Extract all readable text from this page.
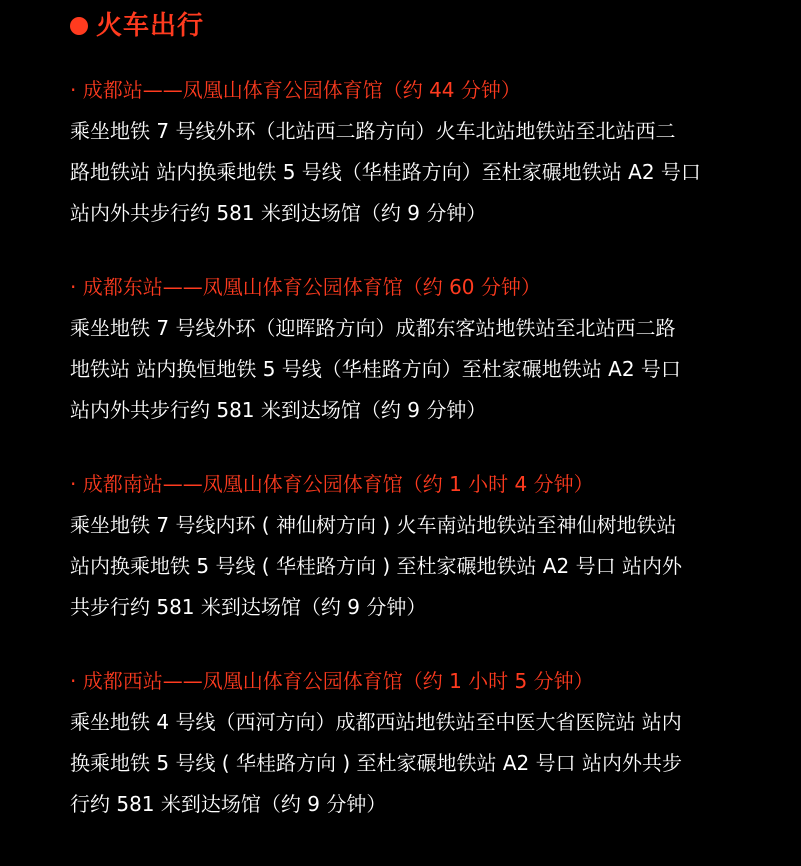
火车出行
· 成都站——凤凰山体育公园体育馆（约 44 分钟）
乘坐地铁 7 号线外环（北站西二路方向）火车北站地铁站至北站西二
路地铁站 站内换乘地铁 5 号线（华桂路方向）至杜家碾地铁站 A2 号口
站内外共步行约 581 米到达场馆（约 9 分钟）
· 成都东站——凤凰山体育公园体育馆（约 60 分钟）
乘坐地铁 7 号线外环（迎晖路方向）成都东客站地铁站至北站西二路
地铁站 站内换恒地铁 5 号线（华桂路方向）至杜家碾地铁站 A2 号口
站内外共步行约 581 米到达场馆（约 9 分钟）
· 成都南站——凤凰山体育公园体育馆（约 1 小时 4 分钟）
乘坐地铁 7 号线内环 ( 神仙树方向 ) 火车南站地铁站至神仙树地铁站
站内换乘地铁 5 号线 ( 华桂路方向 ) 至杜家碾地铁站 A2 号口 站内外
共步行约 581 米到达场馆（约 9 分钟）
· 成都西站——凤凰山体育公园体育馆（约 1 小时 5 分钟）
乘坐地铁 4 号线（西河方向）成都西站地铁站至中医大省医院站 站内
换乘地铁 5 号线 ( 华桂路方向 ) 至杜家碾地铁站 A2 号口 站内外共步
行约 581 米到达场馆（约 9 分钟）
